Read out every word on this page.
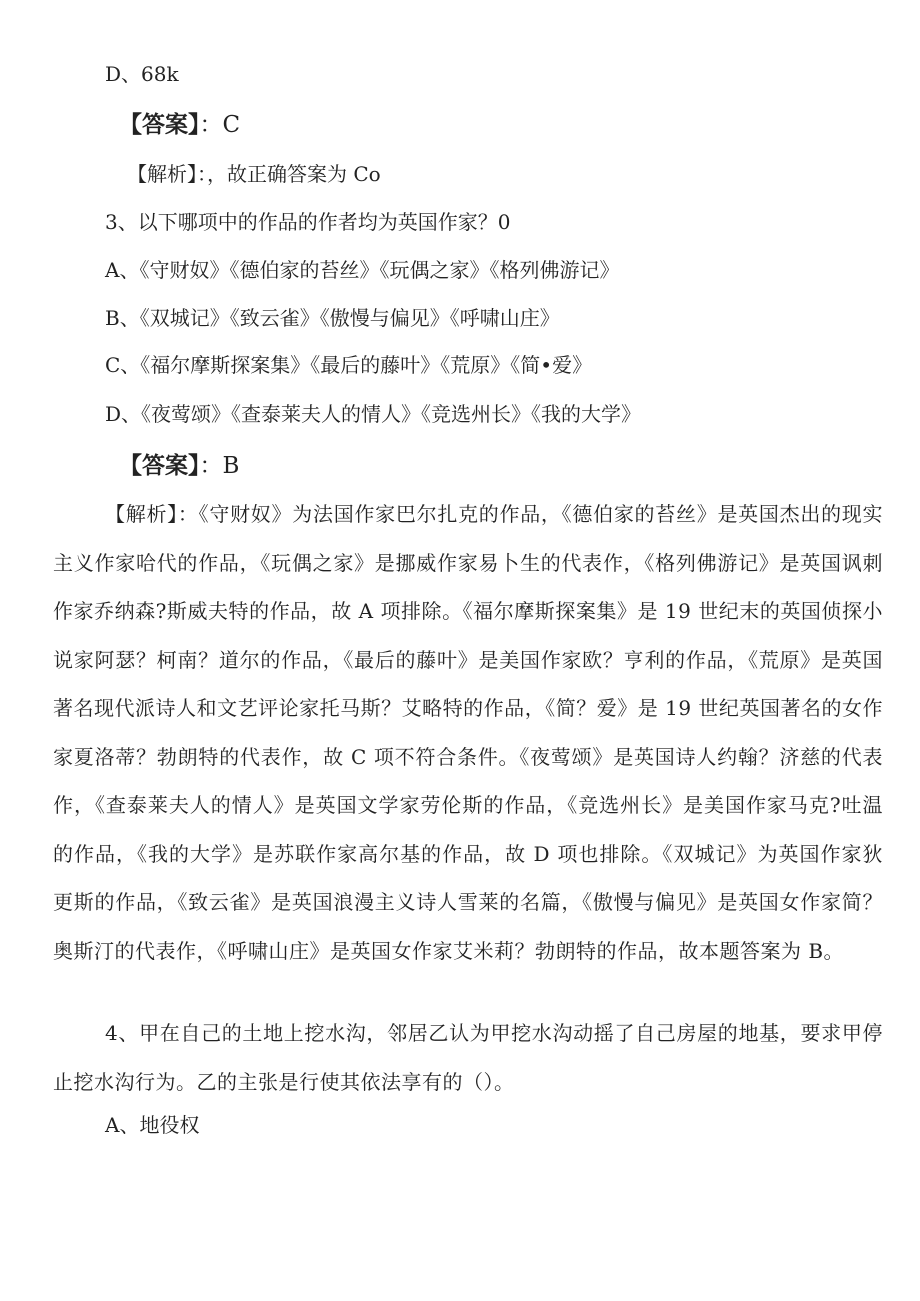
D、68k
【答案】：C
【解析】：，故正确答案为 Co
3、以下哪项中的作品的作者均为英国作家？0
A、《守财奴》《德伯家的苔丝》《玩偶之家》《格列佛游记》
B、《双城记》《致云雀》《傲慢与偏见》《呼啸山庄》
C、《福尔摩斯探案集》《最后的藤叶》《荒原》《简•爱》
D、《夜莺颂》《查泰莱夫人的情人》《竞选州长》《我的大学》
【答案】：B
【解析】：《守财奴》为法国作家巴尔扎克的作品，《德伯家的苔丝》是英国杰出的现实主义作家哈代的作品，《玩偶之家》是挪威作家易卜生的代表作，《格列佛游记》是英国讽刺作家乔纳森?斯威夫特的作品，故 A 项排除。《福尔摩斯探案集》是 19 世纪末的英国侦探小说家阿瑟？柯南？道尔的作品，《最后的藤叶》是美国作家欧？亨利的作品，《荒原》是英国著名现代派诗人和文艺评论家托马斯？艾略特的作品，《简？爱》是 19 世纪英国著名的女作家夏洛蒂？勃朗特的代表作，故 C 项不符合条件。《夜莺颂》是英国诗人约翰？济慈的代表作，《查泰莱夫人的情人》是英国文学家劳伦斯的作品，《竞选州长》是美国作家马克?吐温的作品，《我的大学》是苏联作家高尔基的作品，故 D 项也排除。《双城记》为英国作家狄更斯的作品，《致云雀》是英国浪漫主义诗人雪莱的名篇，《傲慢与偏见》是英国女作家简？奥斯汀的代表作，《呼啸山庄》是英国女作家艾米莉？勃朗特的作品，故本题答案为 B。
4、甲在自己的土地上挖水沟，邻居乙认为甲挖水沟动摇了自己房屋的地基，要求甲停止挖水沟行为。乙的主张是行使其依法享有的（）。
A、地役权
